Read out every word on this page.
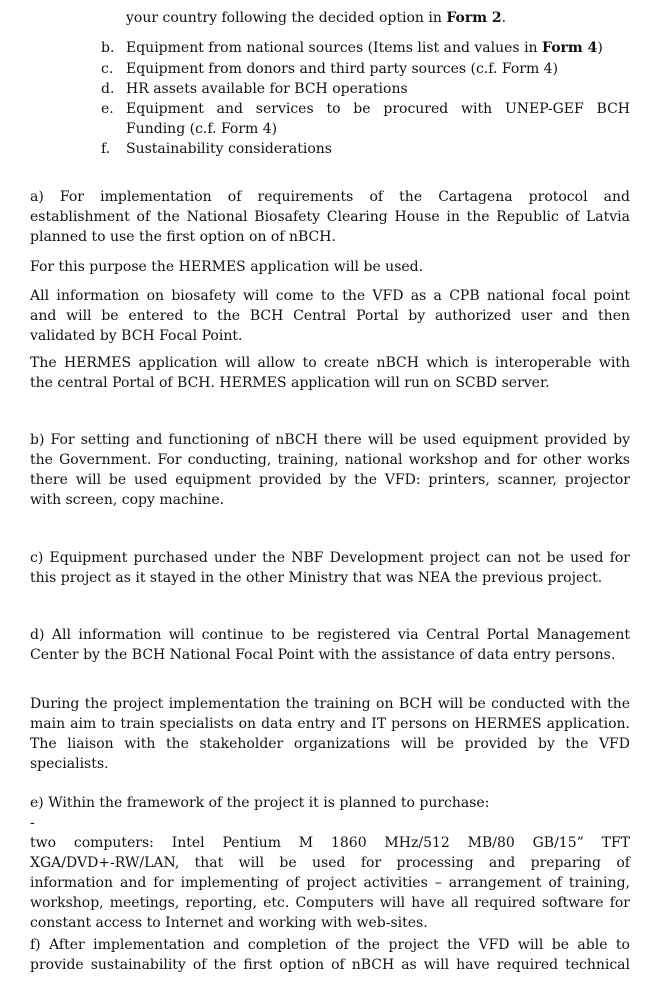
your country following the decided option in Form 2.
b. Equipment from national sources (Items list and values in Form 4)
c. Equipment from donors and third party sources (c.f. Form 4)
d. HR assets available for BCH operations
e. Equipment and services to be procured with UNEP-GEF BCH
Funding (c.f. Form 4)
f.	Sustainability considerations
a) For implementation of requirements of the Cartagena protocol and
establishment of the National Biosafety Clearing House in the Republic of Latvia
planned to use the first option on of nBCH.
For this purpose the HERMES application will be used.
All information on biosafety will come to the VFD as a CPB national focal point
and will be entered to the BCH Central Portal by authorized user and then
validated by BCH Focal Point.
The HERMES application will allow to create nBCH which is interoperable with
the central Portal of BCH. HERMES application will run on SCBD server.
b) For setting and functioning of nBCH there will be used equipment provided by
the Government. For conducting, training, national workshop and for other works
there will be used equipment provided by the VFD: printers, scanner, projector
with screen, copy machine.
c) Equipment purchased under the NBF Development project can not be used for
this project as it stayed in the other Ministry that was NEA the previous project.
d) All information will continue to be registered via Central Portal Management
Center by the BCH National Focal Point with the assistance of data entry persons.
During the project implementation the training on BCH will be conducted with the
main aim to train specialists on data entry and IT persons on HERMES application.
The liaison with the stakeholder organizations will be provided by the VFD
specialists.
e) Within the framework of the project it is planned to purchase:
-
two computers: Intel Pentium M 1860 MHz/512 MB/80 GB/15” TFT
XGA/DVD+-RW/LAN, that will be used for processing and preparing of
information and for implementing of project activities – arrangement of training,
workshop, meetings, reporting, etc. Computers will have all required software for
constant access to Internet and working with web-sites.
f) After implementation and completion of the project the VFD will be able to
provide sustainability of the first option of nBCH as will have required technical
